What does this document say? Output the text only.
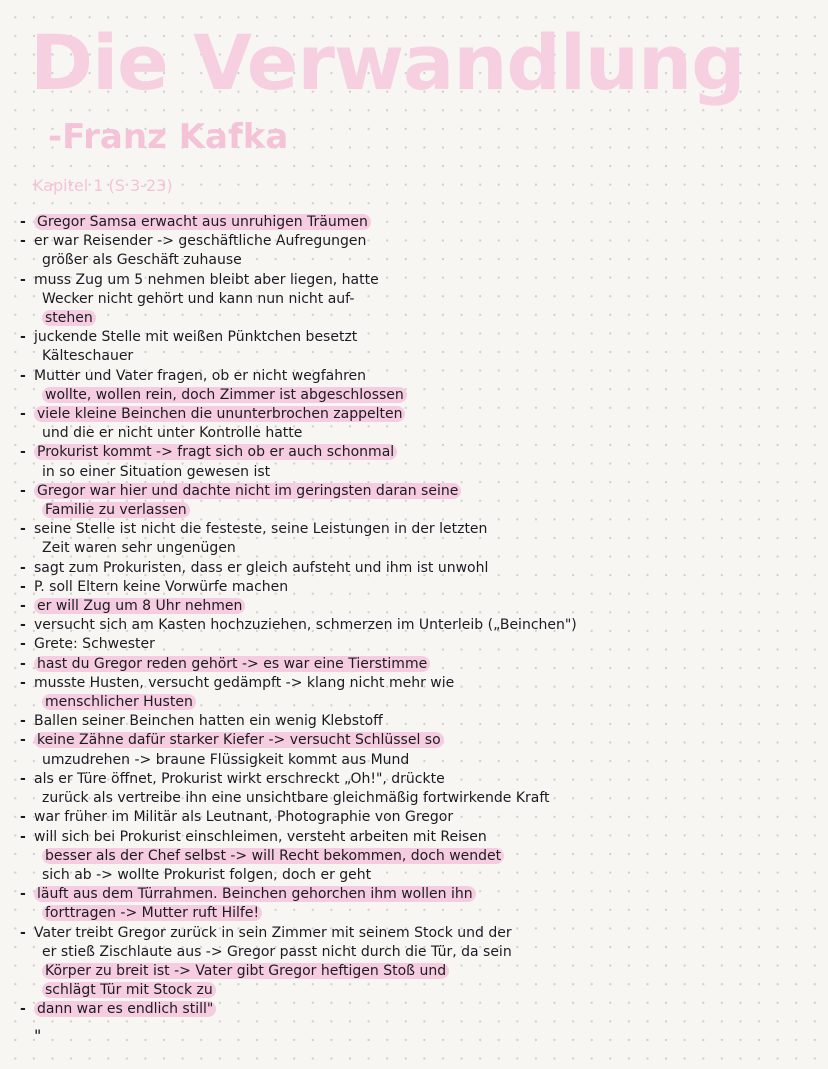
Die Verwandlung
-Franz Kafka
Kapitel 1 (S 3-23)
- Gregor Samsa erwacht aus unruhigen Träumen
- er war Reisender -> geschäftliche Aufregungen
größer als Geschäft zuhause
- muss Zug um 5 nehmen bleibt aber liegen, hatte
Wecker nicht gehört und kann nun nicht auf-
stehen
- juckende Stelle mit weißen Pünktchen besetzt
Kälteschauer
- Mutter und Vater fragen, ob er nicht wegfahren
wollte, wollen rein, doch Zimmer ist abgeschlossen
- viele kleine Beinchen die ununterbrochen zappelten
und die er nicht unter Kontrolle hatte
- Prokurist kommt -> fragt sich ob er auch schonmal
in so einer Situation gewesen ist
- Gregor war hier und dachte nicht im geringsten daran seine
Familie zu verlassen
- seine Stelle ist nicht die festeste, seine Leistungen in der letzten
Zeit waren sehr ungenügen
- sagt zum Prokuristen, dass er gleich aufsteht und ihm ist unwohl
- P. soll Eltern keine Vorwürfe machen
- er will Zug um 8 Uhr nehmen
- versucht sich am Kasten hochzuziehen, schmerzen im Unterleib („Beinchen")
- Grete: Schwester
- hast du Gregor reden gehört -> es war eine Tierstimme
- musste Husten, versucht gedämpft -> klang nicht mehr wie
menschlicher Husten
- Ballen seiner Beinchen hatten ein wenig Klebstoff
- keine Zähne dafür starker Kiefer -> versucht Schlüssel so
umzudrehen -> braune Flüssigkeit kommt aus Mund
- als er Türe öffnet, Prokurist wirkt erschreckt „Oh!", drückte
zurück als vertreibe ihn eine unsichtbare gleichmäßig fortwirkende Kraft
- war früher im Militär als Leutnant, Photographie von Gregor
- will sich bei Prokurist einschleimen, versteht arbeiten mit Reisen
besser als der Chef selbst -> will Recht bekommen, doch wendet
sich ab -> wollte Prokurist folgen, doch er geht
- läuft aus dem Türrahmen. Beinchen gehorchen ihm wollen ihn
forttragen -> Mutter ruft Hilfe!
- Vater treibt Gregor zurück in sein Zimmer mit seinem Stock und der
er stieß Zischlaute aus -> Gregor passt nicht durch die Tür, da sein
Körper zu breit ist -> Vater gibt Gregor heftigen Stoß und
schlägt Tür mit Stock zu
- dann war es endlich still"
"
